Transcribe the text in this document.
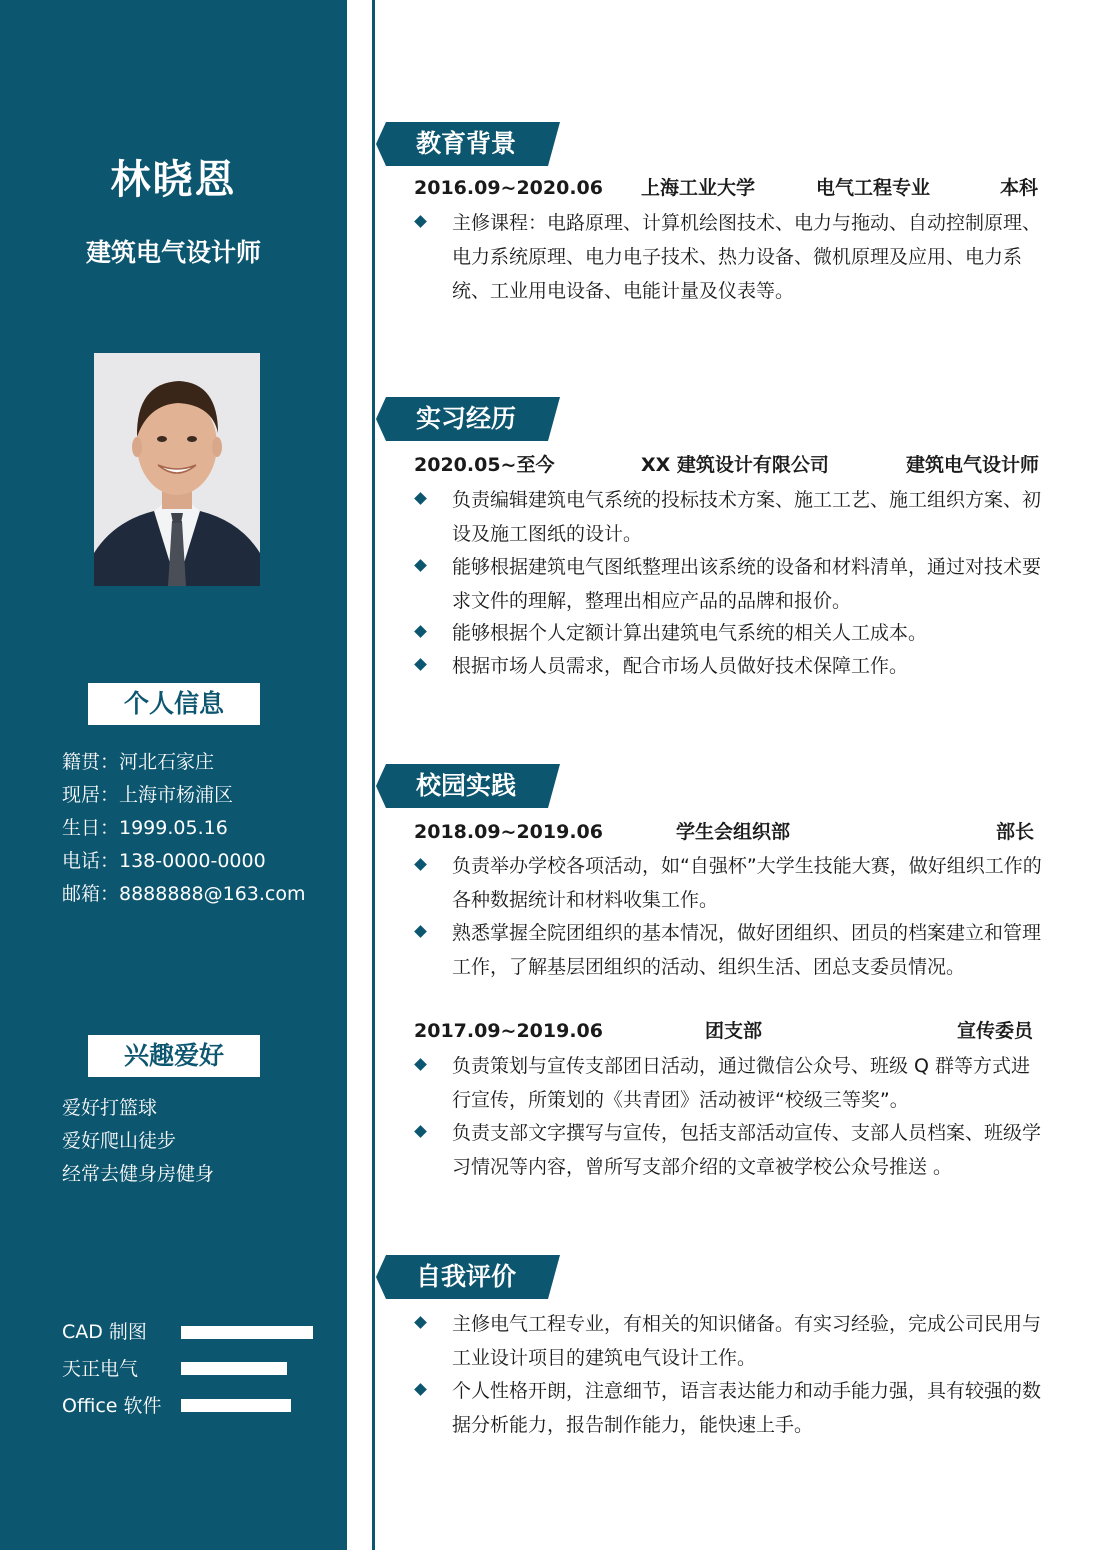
林晓恩
建筑电气设计师
个人信息
籍贯：河北石家庄
现居：上海市杨浦区
生日：1999.05.16
电话：138-0000-0000
邮箱：8888888@163.com
兴趣爱好
爱好打篮球
爱好爬山徒步
经常去健身房健身
CAD 制图
天正电气
Office 软件
教育背景
2016.09~2020.06 上海工业大学	电气工程专业	本科
主修课程：电路原理、计算机绘图技术、电力与拖动、自动控制原理、电力系统原理、电力电子技术、热力设备、微机原理及应用、电力系统、工业用电设备、电能计量及仪表等。
实习经历
2020.05~至今	XX 建筑设计有限公司	建筑电气设计师
负责编辑建筑电气系统的投标技术方案、施工工艺、施工组织方案、初设及施工图纸的设计。
能够根据建筑电气图纸整理出该系统的设备和材料清单，通过对技术要求文件的理解，整理出相应产品的品牌和报价。
能够根据个人定额计算出建筑电气系统的相关人工成本。
根据市场人员需求，配合市场人员做好技术保障工作。
校园实践
2018.09~2019.06	学生会组织部	部长
负责举办学校各项活动，如“自强杯”大学生技能大赛，做好组织工作的各种数据统计和材料收集工作。
熟悉掌握全院团组织的基本情况，做好团组织、团员的档案建立和管理工作，了解基层团组织的活动、组织生活、团总支委员情况。
2017.09~2019.06	团支部	宣传委员
负责策划与宣传支部团日活动，通过微信公众号、班级 Q 群等方式进行宣传，所策划的《共青团》活动被评“校级三等奖”。
负责支部文字撰写与宣传，包括支部活动宣传、支部人员档案、班级学习情况等内容，曾所写支部介绍的文章被学校公众号推送 。
自我评价
主修电气工程专业，有相关的知识储备。有实习经验，完成公司民用与工业设计项目的建筑电气设计工作。
个人性格开朗，注意细节，语言表达能力和动手能力强，具有较强的数据分析能力，报告制作能力，能快速上手。
